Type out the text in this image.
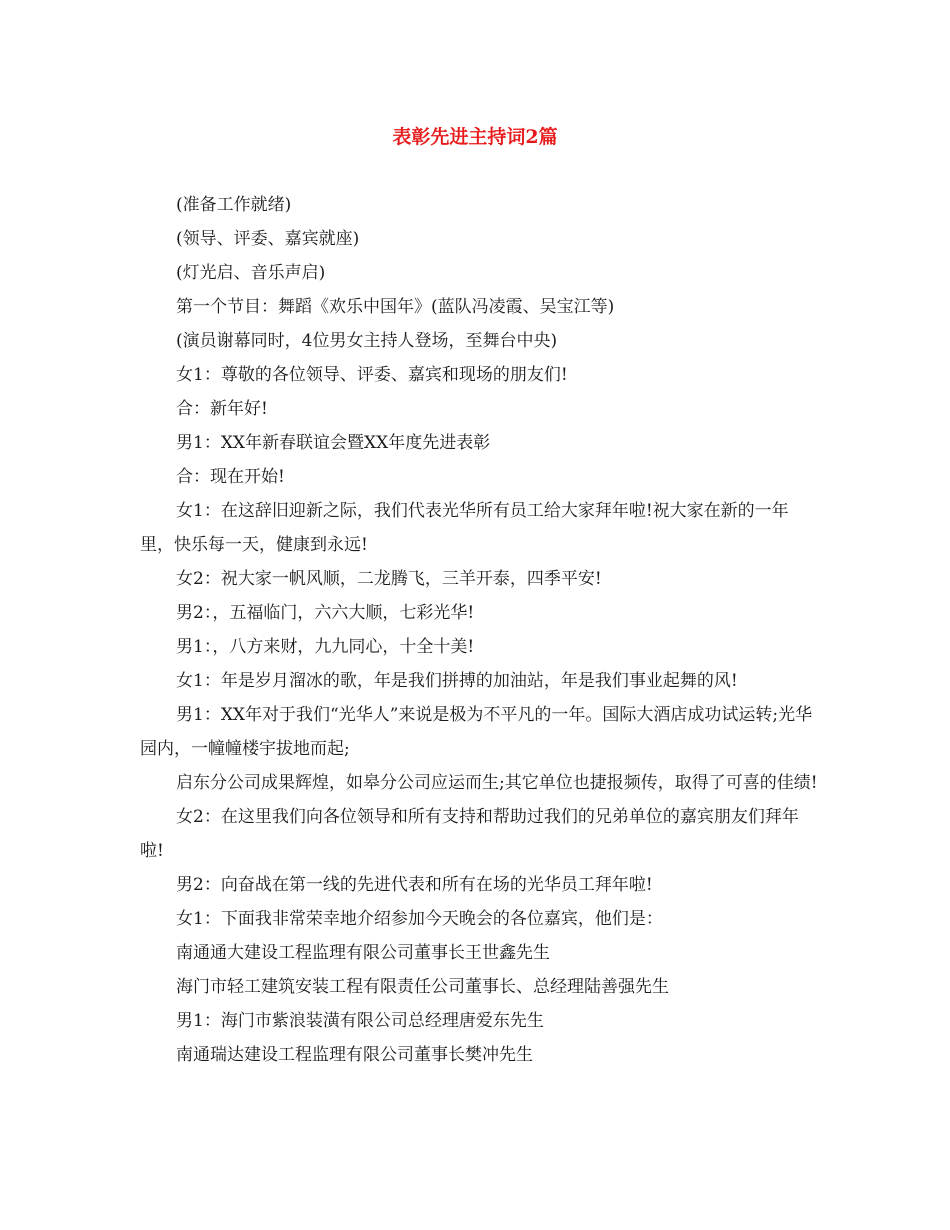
表彰先进主持词2篇

(准备工作就绪)

(领导、评委、嘉宾就座)

(灯光启、音乐声启)

第一个节目：舞蹈《欢乐中国年》(蓝队冯凌霞、吴宝江等)

(演员谢幕同时，4位男女主持人登场，至舞台中央)

女1：尊敬的各位领导、评委、嘉宾和现场的朋友们!

合：新年好!

男1：XX年新春联谊会暨XX年度先进表彰

合：现在开始!

女1：在这辞旧迎新之际，我们代表光华所有员工给大家拜年啦!祝大家在新的一年里，快乐每一天，健康到永远!

女2：祝大家一帆风顺，二龙腾飞，三羊开泰，四季平安!

男2：，五福临门，六六大顺，七彩光华!

男1：，八方来财，九九同心，十全十美!

女1：年是岁月溜冰的歌，年是我们拼搏的加油站，年是我们事业起舞的风!

男1：XX年对于我们“光华人”来说是极为不平凡的一年。国际大酒店成功试运转;光华园内，一幢幢楼宇拔地而起;

启东分公司成果辉煌，如皋分公司应运而生;其它单位也捷报频传，取得了可喜的佳绩!

女2：在这里我们向各位领导和所有支持和帮助过我们的兄弟单位的嘉宾朋友们拜年啦!

男2：向奋战在第一线的先进代表和所有在场的光华员工拜年啦!

女1：下面我非常荣幸地介绍参加今天晚会的各位嘉宾，他们是：

南通通大建设工程监理有限公司董事长王世鑫先生

海门市轻工建筑安装工程有限责任公司董事长、总经理陆善强先生

男1：海门市紫浪装潢有限公司总经理唐爱东先生

南通瑞达建设工程监理有限公司董事长樊冲先生
